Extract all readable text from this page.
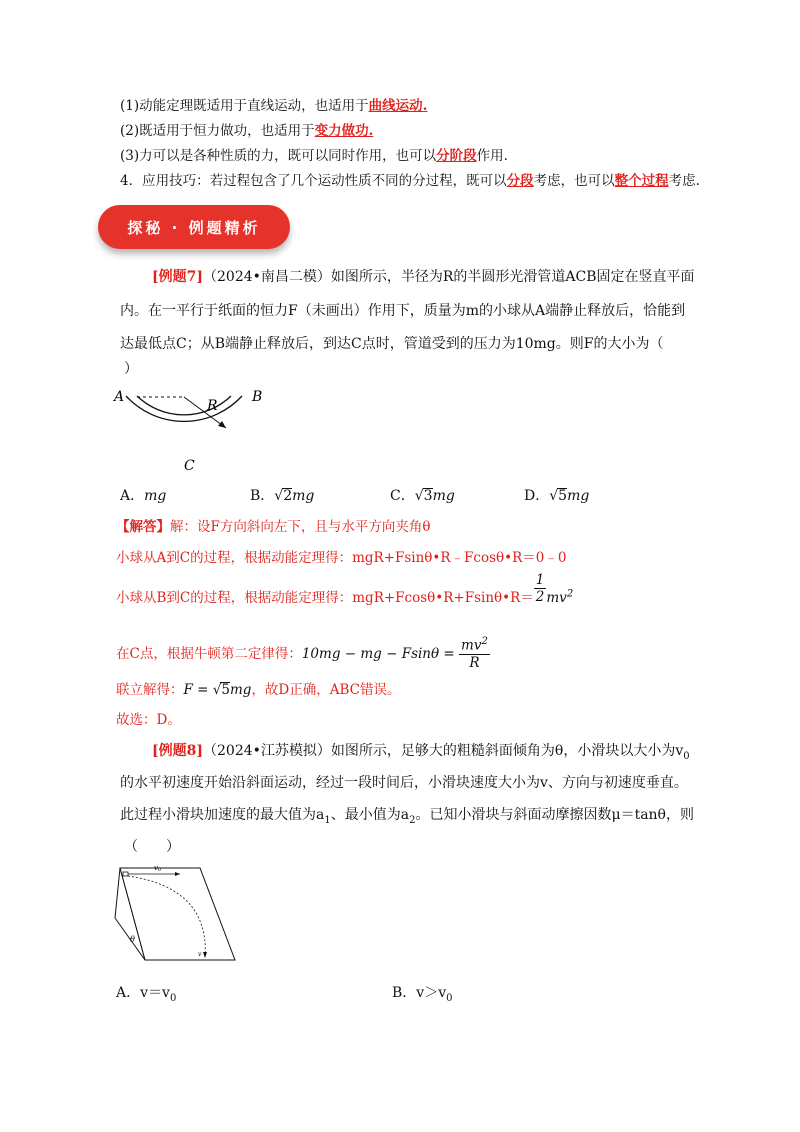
(1)动能定理既适用于直线运动，也适用于曲线运动.
(2)既适用于恒力做功，也适用于变力做功.
(3)力可以是各种性质的力，既可以同时作用，也可以分阶段作用.
4．应用技巧：若过程包含了几个运动性质不同的分过程，既可以分段考虑，也可以整个过程考虑.
探秘 · 例题精析
[例题7]（2024•南昌二模）如图所示，半径为R的半圆形光滑管道ACB固定在竖直平面
内。在一平行于纸面的恒力F（未画出）作用下，质量为m的小球从A端静止释放后，恰能到
达最低点C；从B端静止释放后，到达C点时，管道受到的压力为10mg。则F的大小为（
）
A	B
R
C
A．mg	B．√2mg	C．√3mg	D．√5mg
【解答】解：设F方向斜向左下，且与水平方向夹角θ
小球从A到C的过程，根据动能定理得：mgR+Fsinθ•R﹣Fcosθ•R＝0﹣0
小球从B到C的过程，根据动能定理得：mgR+Fcosθ•R+Fsinθ•R＝ $\frac{1}{2} mv^2$
在C点，根据牛顿第二定律得：10mg − mg − $Fsin\theta = \frac{mv^2}{R}$
联立解得：F = √5mg，故D正确，ABC错误。
故选：D。
[例题8]（2024•江苏模拟）如图所示，足够大的粗糙斜面倾角为θ，小滑块以大小为$v_0$
的水平初速度开始沿斜面运动，经过一段时间后，小滑块速度大小为v、方向与初速度垂直。
此过程小滑块加速度的最大值为$a_1$、最小值为$a_2$。已知小滑块与斜面动摩擦因数μ＝tanθ，则
（　　）
v0
θ
v
A．$v=v_0$	B．$v>v_0$
